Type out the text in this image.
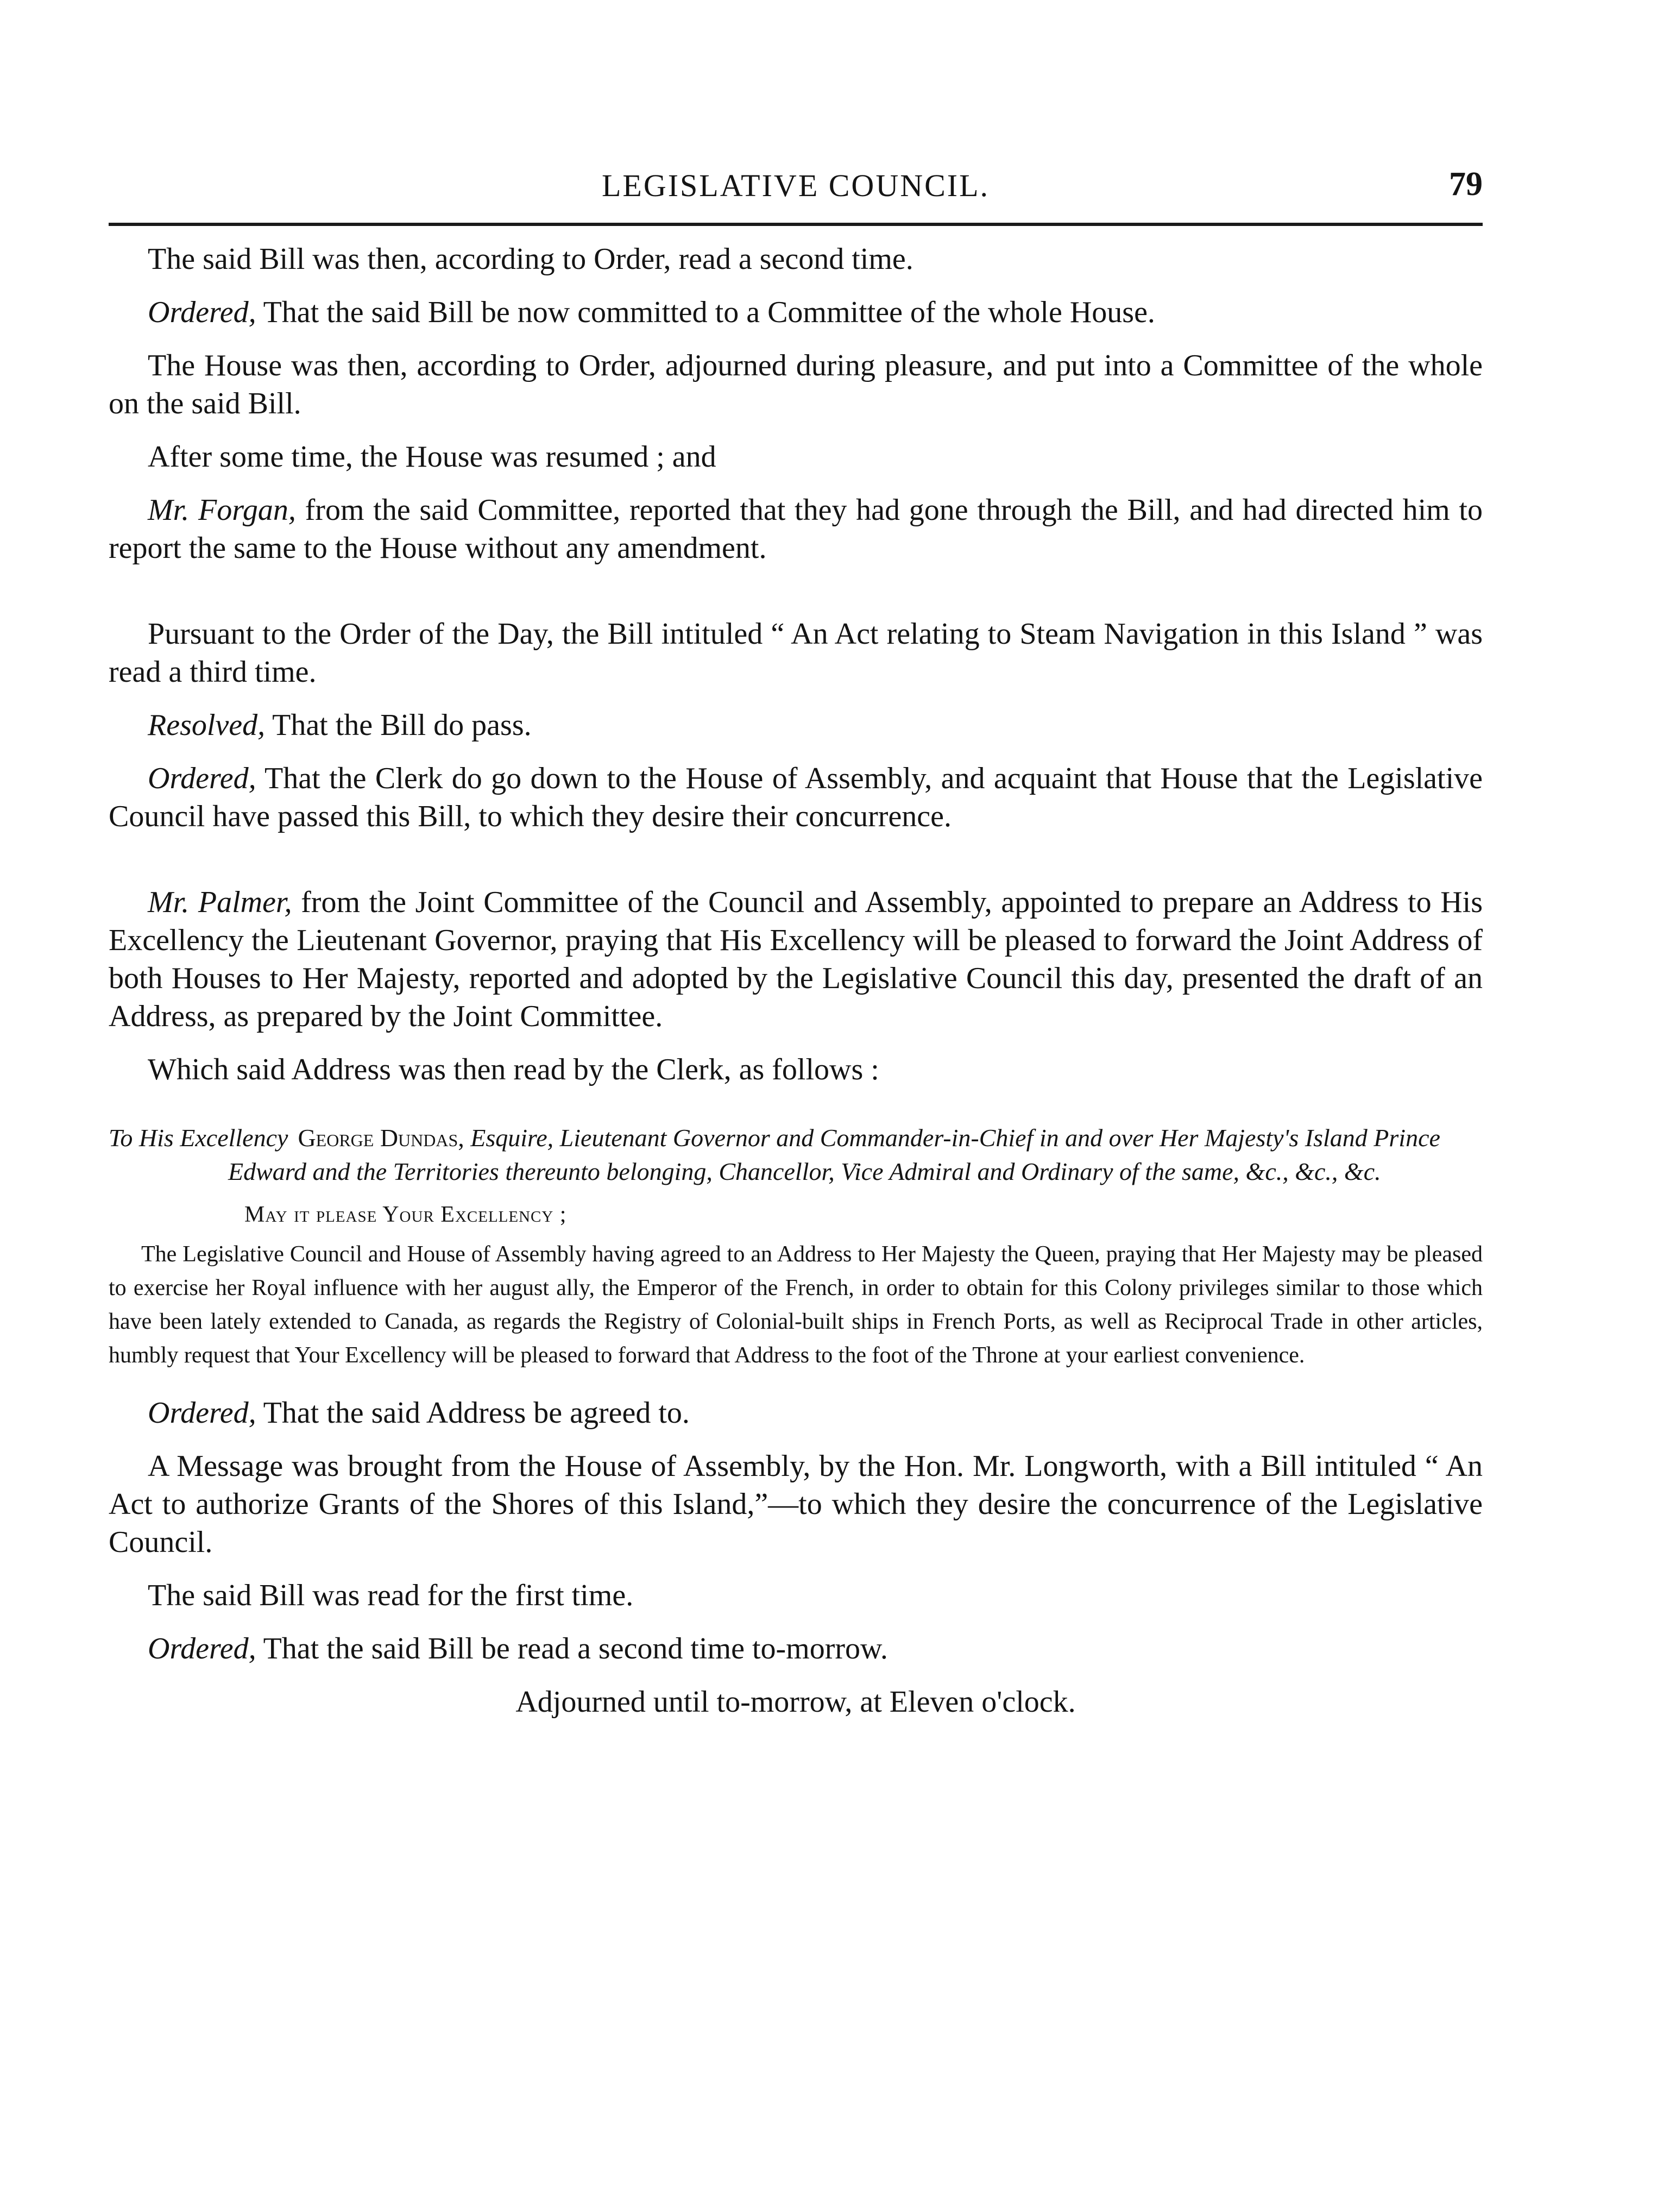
LEGISLATIVE COUNCIL.	79

The said Bill was then, according to Order, read a second time.

Ordered, That the said Bill be now committed to a Committee of the whole House.

The House was then, according to Order, adjourned during pleasure, and put into a Committee of the whole on the said Bill.

After some time, the House was resumed ; and

Mr. Forgan, from the said Committee, reported that they had gone through the Bill, and had directed him to report the same to the House without any amendment.

Pursuant to the Order of the Day, the Bill intituled “ An Act relating to Steam Navigation in this Island ” was read a third time.

Resolved, That the Bill do pass.

Ordered, That the Clerk do go down to the House of Assembly, and acquaint that House that the Legislative Council have passed this Bill, to which they desire their concurrence.

Mr. Palmer, from the Joint Committee of the Council and Assembly, appointed to prepare an Address to His Excellency the Lieutenant Governor, praying that His Excellency will be pleased to forward the Joint Address of both Houses to Her Majesty, reported and adopted by the Legislative Council this day, presented the draft of an Address, as prepared by the Joint Committee.

Which said Address was then read by the Clerk, as follows :

To His Excellency George Dundas, Esquire, Lieutenant Governor and Commander-in-Chief in and over Her Majesty's Island Prince Edward and the Territories thereunto belonging, Chancellor, Vice Admiral and Ordinary of the same, &c., &c., &c.
May it please Your Excellency ;
The Legislative Council and House of Assembly having agreed to an Address to Her Majesty the Queen, praying that Her Majesty may be pleased to exercise her Royal influence with her august ally, the Emperor of the French, in order to obtain for this Colony privileges similar to those which have been lately extended to Canada, as regards the Registry of Colonial-built ships in French Ports, as well as Reciprocal Trade in other articles, humbly request that Your Excellency will be pleased to forward that Address to the foot of the Throne at your earliest convenience.

Ordered, That the said Address be agreed to.

A Message was brought from the House of Assembly, by the Hon. Mr. Longworth, with a Bill intituled “ An Act to authorize Grants of the Shores of this Island,”—to which they desire the concurrence of the Legislative Council.

The said Bill was read for the first time.

Ordered, That the said Bill be read a second time to-morrow.

Adjourned until to-morrow, at Eleven o'clock.
